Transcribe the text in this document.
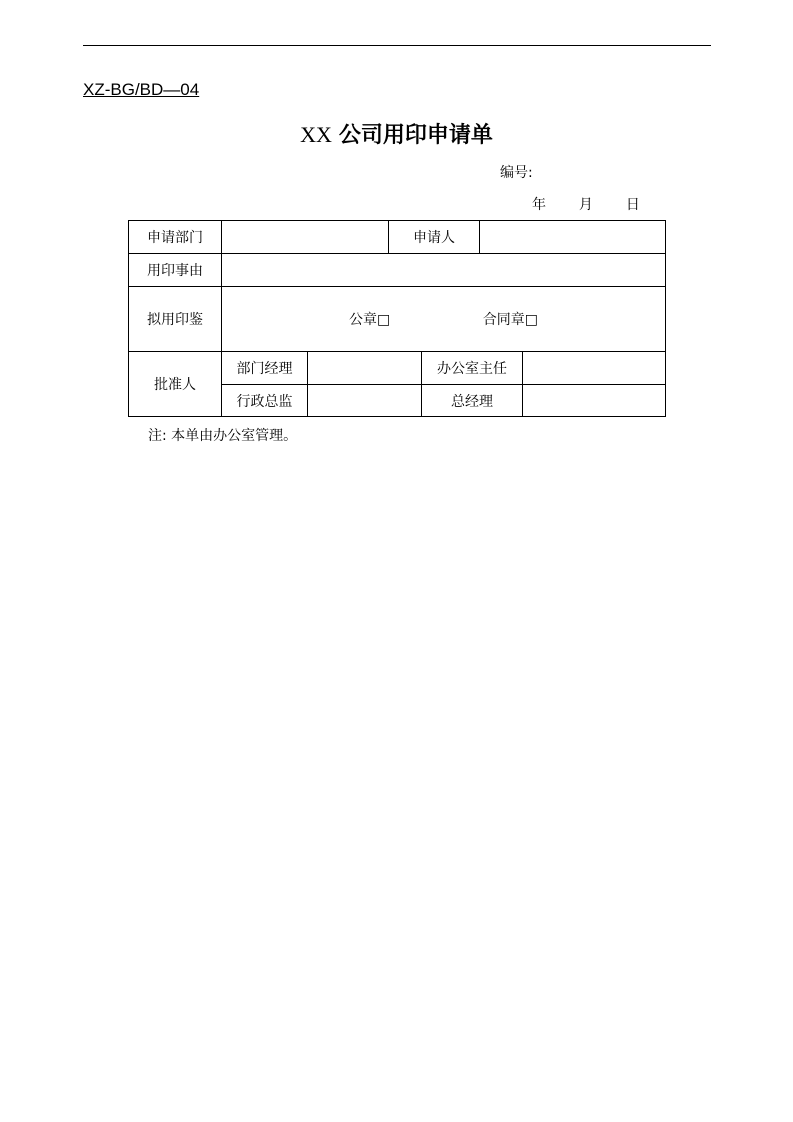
XZ-BG/BD—04
XX 公司用印申请单
编号:
年 月 日
申请部门			申请人			
用印事由						
拟用印鉴	公章□ 合同章□					
批准人	部门经理			办公室主任		
	行政总监			总经理		
注: 本单由办公室管理。
